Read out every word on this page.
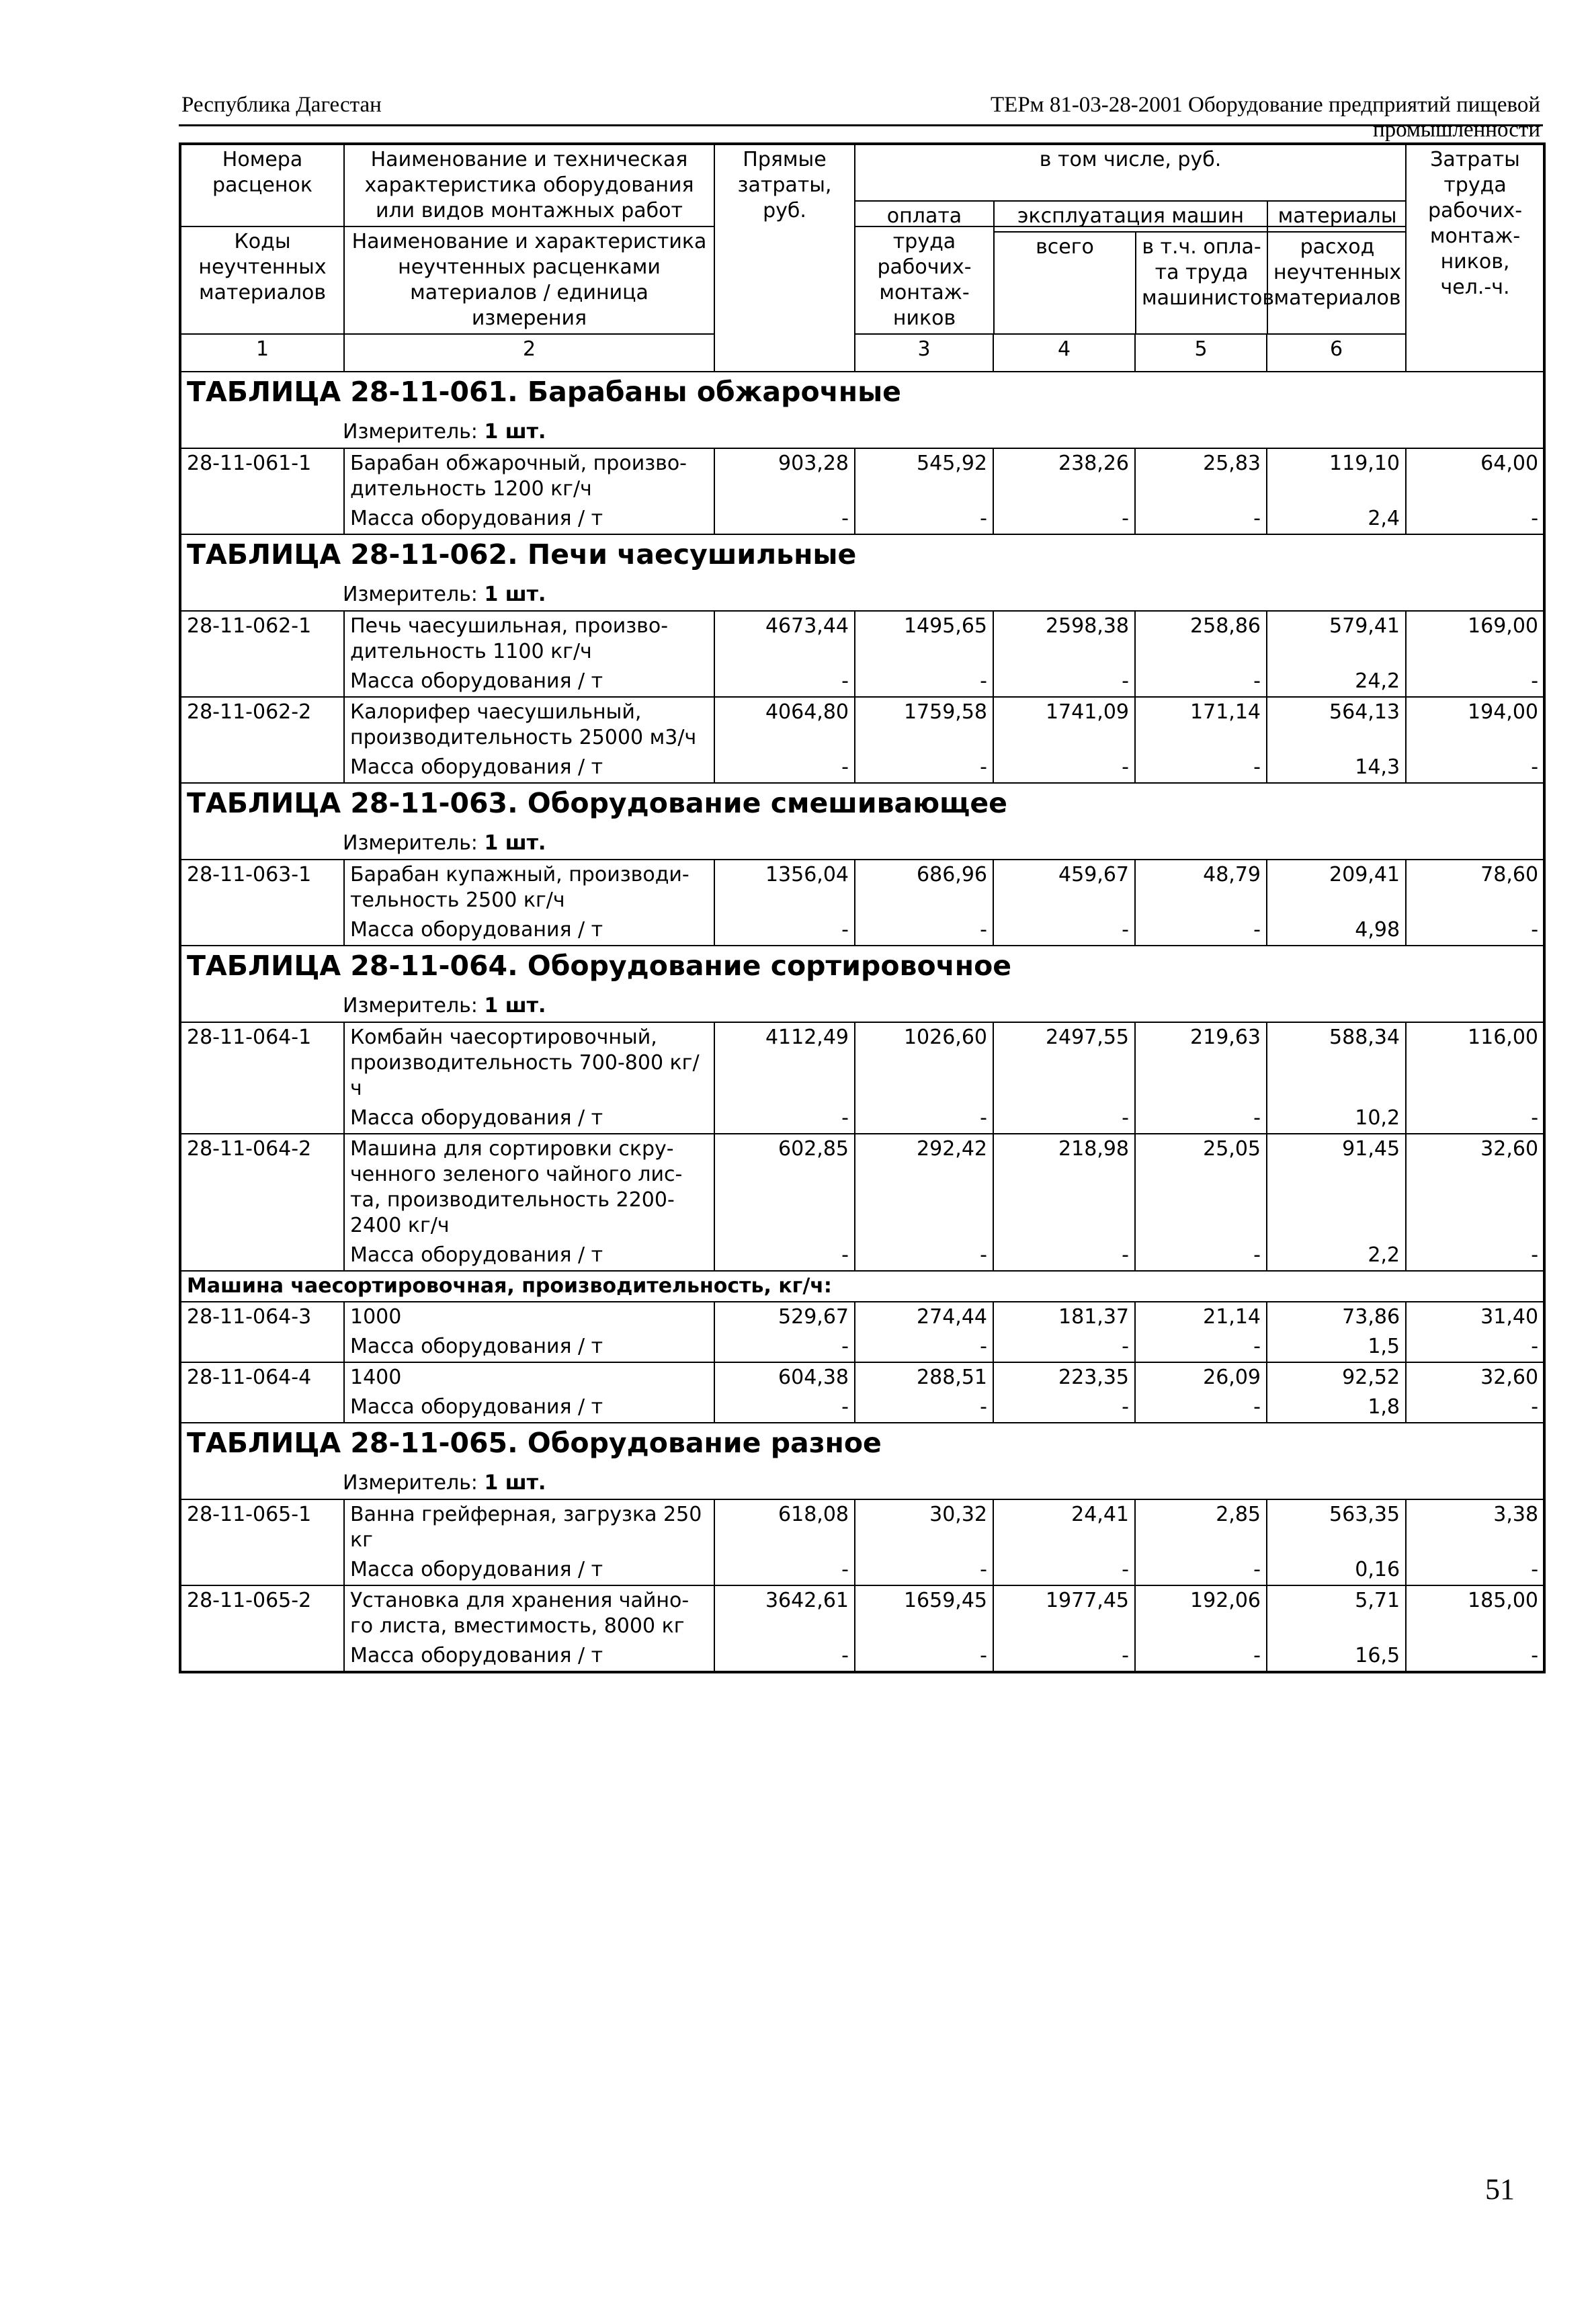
Республика Дагестан	ТЕРм 81-03-28-2001 Оборудование предприятий пищевой промышленности
Номера расценок	Наименование и техническая характеристика оборудования или видов монтажных работ	Прямые затраты, руб.	в том числе, руб.	Затраты труда рабочих-монтаж-ников, чел.-ч.
Коды неучтенных материалов	Наименование и характеристика неучтенных расценками материалов / единица измерения	
оплата труда рабочих-монтаж-ников	эксплуатация машин	материалы
всего	в т.ч. опла-та труда машинистов	расход неучтенных материалов

1	2	3	4	5	6		

ТАБЛИЦА 28-11-061. Барабаны обжарочные
Измеритель: 1 шт.

28-11-061-1	Барабан обжарочный, произво-дительность 1200 кг/ч	903,28	545,92	238,26	25,83	119,10	64,00
	Масса оборудования / т	-	-	-	-	2,4	-

ТАБЛИЦА 28-11-062. Печи чаесушильные
Измеритель: 1 шт.

28-11-062-1	Печь чаесушильная, произво-дительность 1100 кг/ч	4673,44	1495,65	2598,38	258,86	579,41	169,00
	Масса оборудования / т	-	-	-	-	24,2	-
28-11-062-2	Калорифер чаесушильный, производительность 25000 м3/ч	4064,80	1759,58	1741,09	171,14	564,13	194,00
	Масса оборудования / т	-	-	-	-	14,3	-

ТАБЛИЦА 28-11-063. Оборудование смешивающее
Измеритель: 1 шт.

28-11-063-1	Барабан купажный, производи-тельность 2500 кг/ч	1356,04	686,96	459,67	48,79	209,41	78,60
	Масса оборудования / т	-	-	-	-	4,98	-

ТАБЛИЦА 28-11-064. Оборудование сортировочное
Измеритель: 1 шт.

28-11-064-1	Комбайн чаесортировочный, производительность 700-800 кг/ч	4112,49	1026,60	2497,55	219,63	588,34	116,00
	Масса оборудования / т	-	-	-	-	10,2	-
28-11-064-2	Машина для сортировки скру-ченного зеленого чайного лис-та, производительность 2200-2400 кг/ч	602,85	292,42	218,98	25,05	91,45	32,60
	Масса оборудования / т	-	-	-	-	2,2	-
Машина чаесортировочная, производительность, кг/ч:
28-11-064-3	1000	529,67	274,44	181,37	21,14	73,86	31,40
	Масса оборудования / т	-	-	-	-	1,5	-
28-11-064-4	1400	604,38	288,51	223,35	26,09	92,52	32,60
	Масса оборудования / т	-	-	-	-	1,8	-

ТАБЛИЦА 28-11-065. Оборудование разное
Измеритель: 1 шт.

28-11-065-1	Ванна грейферная, загрузка 250 кг	618,08	30,32	24,41	2,85	563,35	3,38
	Масса оборудования / т	-	-	-	-	0,16	-
28-11-065-2	Установка для хранения чайно-го листа, вместимость, 8000 кг	3642,61	1659,45	1977,45	192,06	5,71	185,00
	Масса оборудования / т	-	-	-	-	16,5	-
51
